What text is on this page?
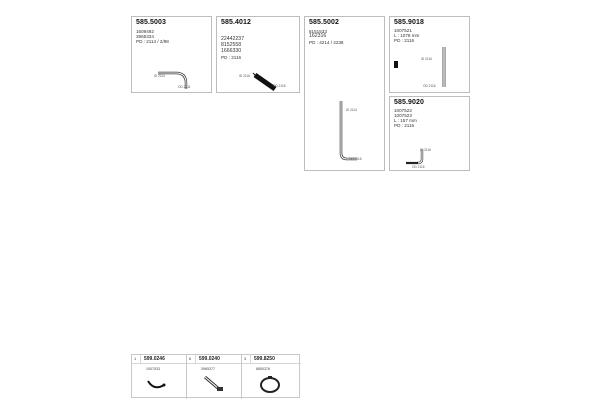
585.5003
1609492
3965334
PD : 2114 / 2/98
ID 2114
OD 2211
585.4012
22442237
8152558
1666330
PD : 2116
ID 2116
OD 2116
585.5002
8151533
162316
PD : 4214 / 4238
ID 2114
OD 2116
585.9018
1007521
L : 1078 mm
PD : 2116
ID 2116
OD 2116
585.9020
1007522
1007523
L : 157 mm
PD : 2116
ID 2116
OD 2116
1 599.0246
1007533
6 599.0240
3965377
3 599.8250
8850376
